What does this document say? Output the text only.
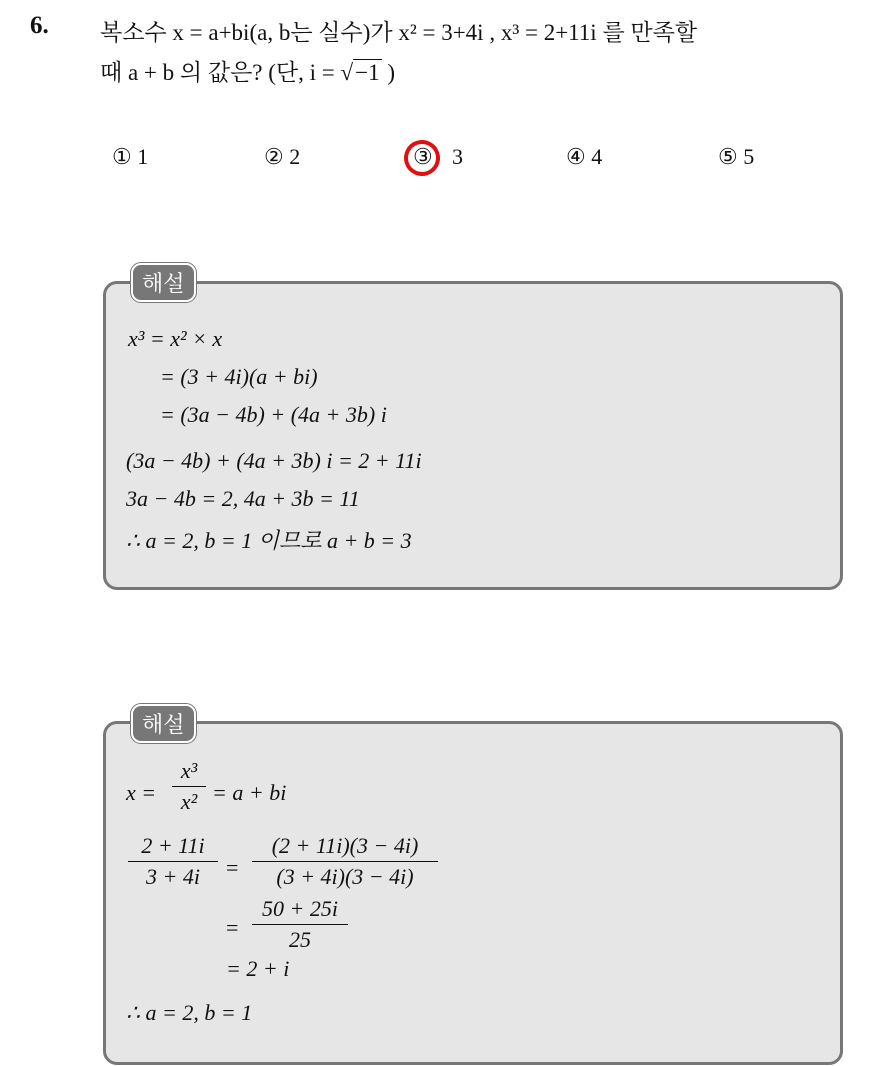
6. 복소수 x = a+bi(a, b는 실수)가 x² = 3+4i , x³ = 2+11i 를 만족할
때 a + b 의 값은? (단, i = √−1 )
① 1	② 2	③ 3	④ 4	⑤ 5
해설
x³ = x² × x
= (3 + 4i)(a + bi)
= (3a − 4b) + (4a + 3b) i
(3a − 4b) + (4a + 3b) i = 2 + 11i
3a − 4b = 2, 4a + 3b = 11
∴ a = 2, b = 1 이므로 a + b = 3
해설
$x = \frac{\text{x³}}{\text{x²}} = a$ + bi
$\frac{2 + 11i}{3 + 4i} = \frac{(2 + 11i)(3 - 4i)}{(3 + 4i)(3 - 4i)}$
= $\frac{50 + 25i}{25}$
= 2 + i
∴ a = 2, b = 1
